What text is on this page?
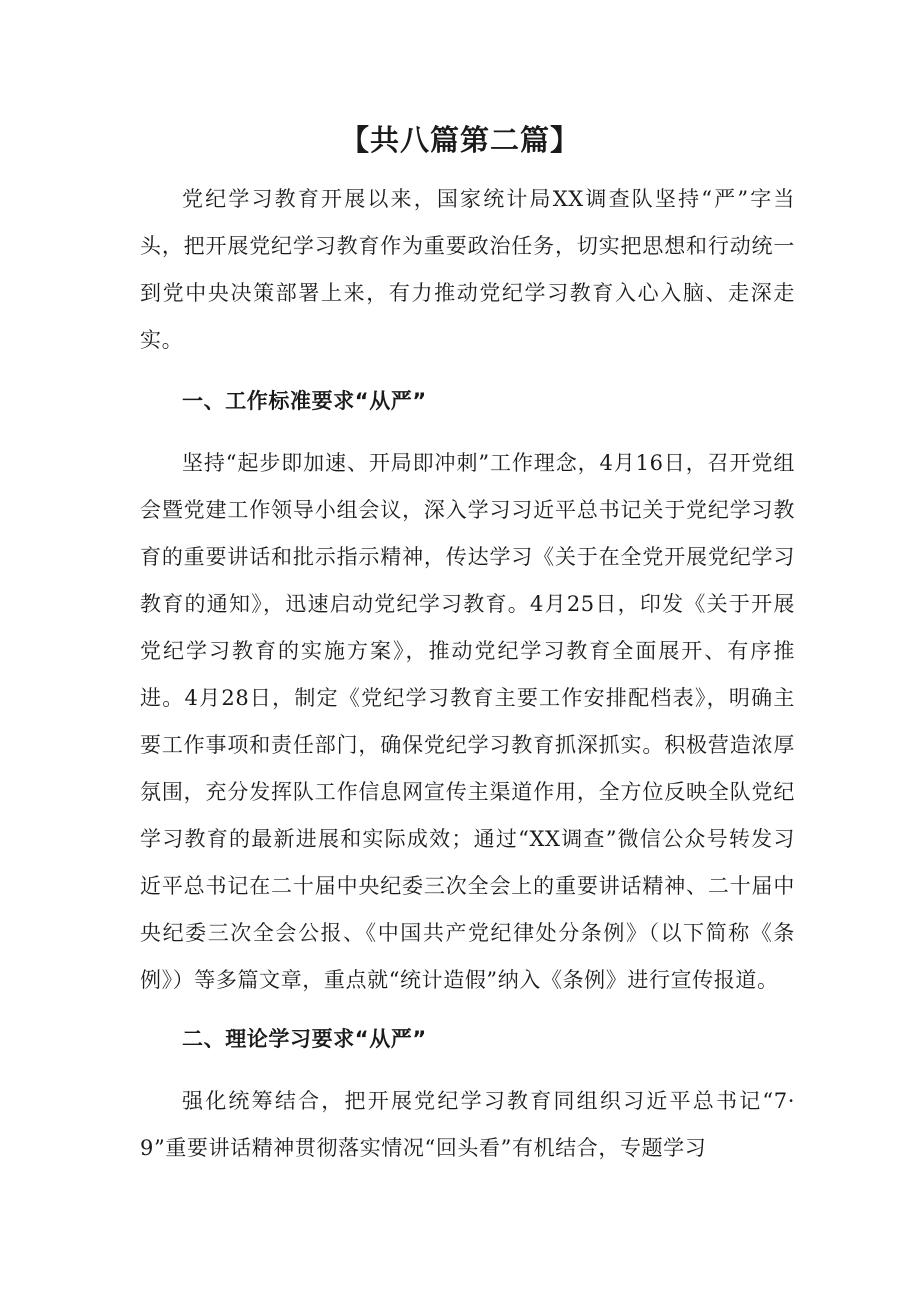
【共八篇第二篇】

党纪学习教育开展以来，国家统计局XX调查队坚持“严”字当头，把开展党纪学习教育作为重要政治任务，切实把思想和行动统一到党中央决策部署上来，有力推动党纪学习教育入心入脑、走深走实。

一、工作标准要求“从严”

坚持“起步即加速、开局即冲刺”工作理念，4月16日，召开党组会暨党建工作领导小组会议，深入学习习近平总书记关于党纪学习教育的重要讲话和批示指示精神，传达学习《关于在全党开展党纪学习教育的通知》，迅速启动党纪学习教育。4月25日，印发《关于开展党纪学习教育的实施方案》，推动党纪学习教育全面展开、有序推进。4月28日，制定《党纪学习教育主要工作安排配档表》，明确主要工作事项和责任部门，确保党纪学习教育抓深抓实。积极营造浓厚氛围，充分发挥队工作信息网宣传主渠道作用，全方位反映全队党纪学习教育的最新进展和实际成效；通过“XX调查”微信公众号转发习近平总书记在二十届中央纪委三次全会上的重要讲话精神、二十届中央纪委三次全会公报、《中国共产党纪律处分条例》（以下简称《条例》）等多篇文章，重点就“统计造假”纳入《条例》进行宣传报道。

二、理论学习要求“从严”

强化统筹结合，把开展党纪学习教育同组织习近平总书记“7·9”重要讲话精神贯彻落实情况“回头看”有机结合，专题学习
